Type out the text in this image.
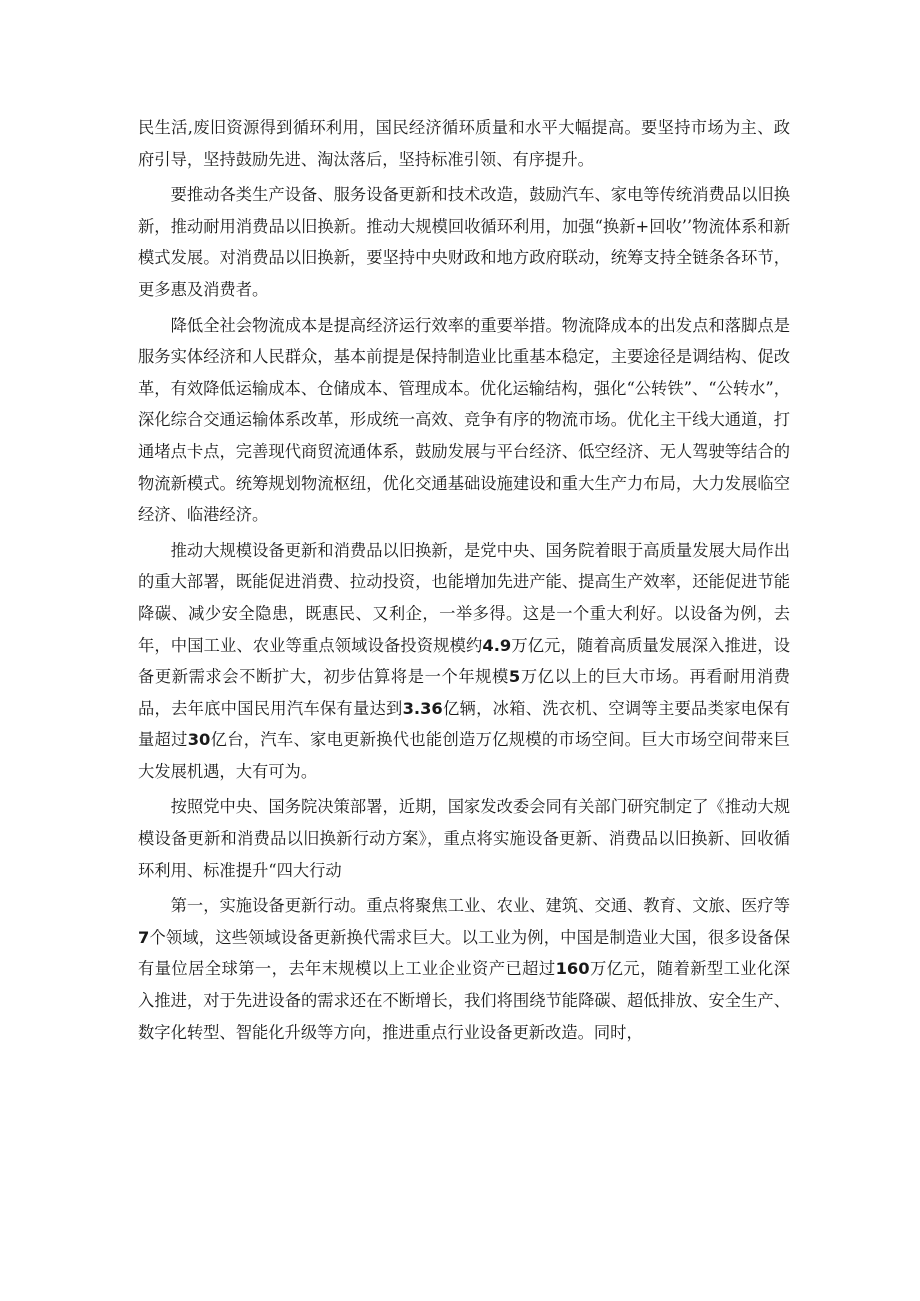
民生活,废旧资源得到循环利用，国民经济循环质量和水平大幅提高。要坚持市场为主、政府引导，坚持鼓励先进、淘汰落后，坚持标准引领、有序提升。

要推动各类生产设备、服务设备更新和技术改造，鼓励汽车、家电等传统消费品以旧换新，推动耐用消费品以旧换新。推动大规模回收循环利用，加强“换新+回收’’物流体系和新模式发展。对消费品以旧换新，要坚持中央财政和地方政府联动，统筹支持全链条各环节，更多惠及消费者。

降低全社会物流成本是提高经济运行效率的重要举措。物流降成本的出发点和落脚点是服务实体经济和人民群众，基本前提是保持制造业比重基本稳定，主要途径是调结构、促改革，有效降低运输成本、仓储成本、管理成本。优化运输结构，强化“公转铁”、“公转水”，深化综合交通运输体系改革，形成统一高效、竞争有序的物流市场。优化主干线大通道，打通堵点卡点，完善现代商贸流通体系，鼓励发展与平台经济、低空经济、无人驾驶等结合的物流新模式。统筹规划物流枢纽，优化交通基础设施建设和重大生产力布局，大力发展临空经济、临港经济。

推动大规模设备更新和消费品以旧换新，是党中央、国务院着眼于高质量发展大局作出的重大部署，既能促进消费、拉动投资，也能增加先进产能、提高生产效率，还能促进节能降碳、减少安全隐患，既惠民、又利企，一举多得。这是一个重大利好。以设备为例，去年，中国工业、农业等重点领域设备投资规模约4.9万亿元，随着高质量发展深入推进，设备更新需求会不断扩大，初步估算将是一个年规模5万亿以上的巨大市场。再看耐用消费品，去年底中国民用汽车保有量达到3.36亿辆，冰箱、洗衣机、空调等主要品类家电保有量超过30亿台，汽车、家电更新换代也能创造万亿规模的市场空间。巨大市场空间带来巨大发展机遇，大有可为。

按照党中央、国务院决策部署，近期，国家发改委会同有关部门研究制定了《推动大规模设备更新和消费品以旧换新行动方案》，重点将实施设备更新、消费品以旧换新、回收循环利用、标准提升“四大行动

第一，实施设备更新行动。重点将聚焦工业、农业、建筑、交通、教育、文旅、医疗等7个领域，这些领域设备更新换代需求巨大。以工业为例，中国是制造业大国，很多设备保有量位居全球第一，去年末规模以上工业企业资产已超过160万亿元，随着新型工业化深入推进，对于先进设备的需求还在不断增长，我们将围绕节能降碳、超低排放、安全生产、数字化转型、智能化升级等方向，推进重点行业设备更新改造。同时，
